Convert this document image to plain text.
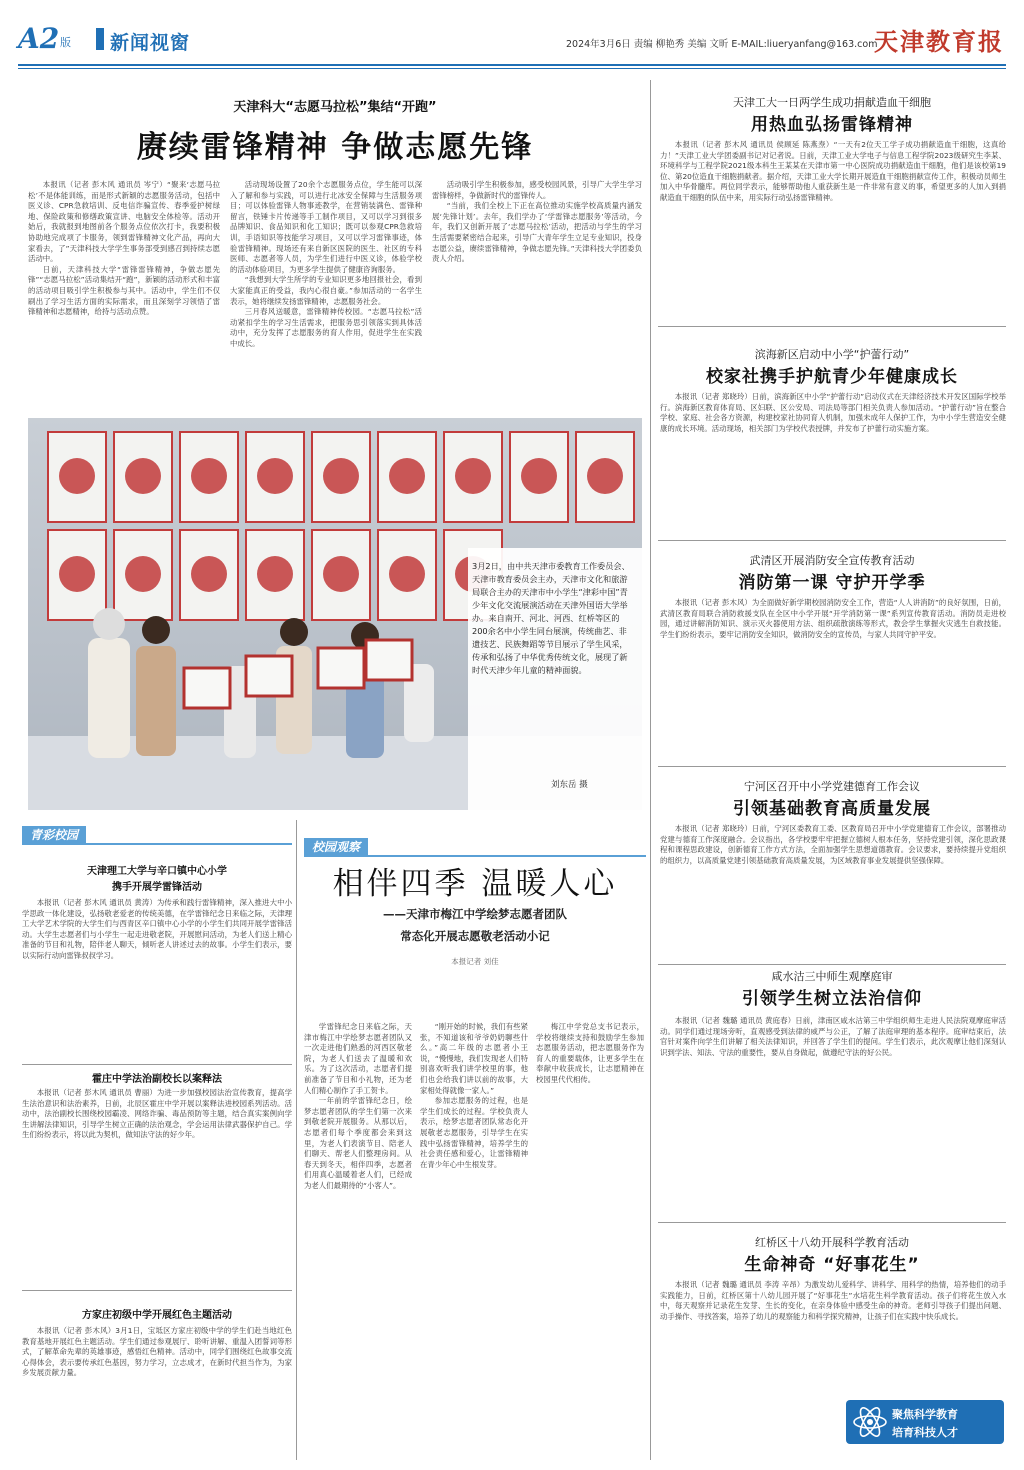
A2 版 新闻视窗	2024年3月6日 责编 柳艳秀 美编 文昕 E-MAIL:liueryanfang@163.com
天津教育报
天津科大“志愿马拉松”集结“开跑”
赓续雷锋精神 争做志愿先锋

本报讯（记者 彭木风 通讯员 岑宁）“聚来‘志愿马拉松’不是体能训练，而是形式新颖的志愿服务活动，包括中医义诊、CPR急救培训、反电信诈骗宣传、春季爱护树绿地、保险政策和修缮政策宣讲、电脑安全体检等。活动开始后，我就报到地图前各个服务点位依次打卡，我要积极协助地完成项了卡服务，领到雷锋精神文化产品，再向大家看去，了”天津科技大学学生事务部受到感召到持续志愿活动中。

日前，天津科技大学“雷锋雷锋精神，争做志愿先锋”“志愿马拉松”活动集结开“跑”，新颖的活动形式和丰富的活动项目吸引学生积极参与其中。活动中，学生们不仅刷出了学习生活方面的实际需求，而且深刻学习领悟了雷锋精神和志愿精神，给持与活动点赞。

活动现场设置了20余个志愿服务点位，学生能可以深入了解和参与实践，可以进行北冰安全保障与生活服务项目；可以体验雷锋人物事迹教学，在营销装满色、雷锋种留言，铁锤卡片传递等手工制作项目，又可以学习到很多品牌知识、食品知识和化工知识；既可以参观CPR急救培训，手语知识等技能学习项目，又可以学习雷锋事迹，体验雷锋精神。现场还有来自新区医院的医生、社区的专科医师、志愿者等人员，为学生们进行中医义诊，体验学校的活动体验项目，为更多学生提供了健康咨询服务。

“我想到大学生所学的专业知识更多地回报社会，看到大家能真正的受益，我内心很自豪。”参加活动的一名学生表示，她将继续发扬雷锋精神，志愿服务社会。

三月春风送暖意，雷锋精神传校园。“志愿马拉松”活动紧扣学生的学习生活需求，把服务思引领落实到具体活动中，充分发挥了志愿服务的育人作用，促进学生在实践中成长。

活动吸引学生积极参加，感受校园风景，引导广大学生学习雷锋榜样，争做新时代的雷锋传人。

“当前，我们全校上下正在高位推动实施学校高质量内涵发展‘先锋计划’。去年，我们学办了‘学雷锋志愿服务’等活动，今年，我们又创新开展了‘志愿马拉松’活动，把活动与学生的学习生活需要紧密结合起来，引导广大青年学生立足专业知识，投身志愿公益，赓续雷锋精神，争做志愿先锋。”天津科技大学团委负责人介绍。

3月2日，由中共天津市委教育工作委员会、天津市教育委员会主办，天津市文化和旅游局联合主办的天津市中小学生“津彩中国”青少年文化交流展演活动在天津外国语大学举办。来自南开、河北、河西、红桥等区的200余名中小学生同台展演，传统曲艺、非遗技艺、民族舞蹈等节目展示了学生风采，传承和弘扬了中华优秀传统文化，展现了新时代天津少年儿童的精神面貌。
刘东岳 摄
青彩校园
天津理工大学与辛口镇中心小学
携手开展学雷锋活动

本报讯（记者 彭木风 通讯员 黄涛）为传承和践行雷锋精神，深入推进大中小学思政一体化建设，弘扬敬老爱老的传统美德，在学雷锋纪念日来临之际，天津理工大学艺术学院的大学生们与西青区辛口镇中心小学的小学生们共同开展学雷锋活动。大学生志愿者们与小学生一起走进敬老院，开展慰问活动，为老人们送上精心准备的节目和礼物，陪伴老人聊天，倾听老人讲述过去的故事。小学生们表示，要以实际行动向雷锋叔叔学习。

霍庄中学法治副校长以案释法

本报讯（记者 彭木风 通讯员 曹丽）为进一步加强校园法治宣传教育，提高学生法治意识和法治素养，日前，北辰区霍庄中学开展以案释法进校园系列活动。活动中，法治副校长围绕校园霸凌、网络诈骗、毒品预防等主题，结合真实案例向学生讲解法律知识，引导学生树立正确的法治观念，学会运用法律武器保护自己。学生们纷纷表示，将以此为契机，做知法守法的好少年。

方家庄初级中学开展红色主题活动

本报讯（记者 彭木风）3月1日，宝坻区方家庄初级中学的学生们赴当地红色教育基地开展红色主题活动。学生们通过参观展厅、聆听讲解、重温入团誓词等形式，了解革命先辈的英雄事迹，感悟红色精神。活动中，同学们围绕红色故事交流心得体会，表示要传承红色基因，努力学习，立志成才，在新时代担当作为，为家乡发展贡献力量。

校园观察
相伴四季 温暖人心
——天津市梅江中学绘梦志愿者团队
常态化开展志愿敬老活动小记
本报记者 刘佳

学雷锋纪念日来临之际，天津市梅江中学绘梦志愿者团队又一次走进他们熟悉的河西区敬老院，为老人们送去了温暖和欢乐。为了这次活动，志愿者们提前准备了节目和小礼物，还为老人们精心制作了手工贺卡。

一年前的学雷锋纪念日，绘梦志愿者团队的学生们第一次来到敬老院开展服务。从那以后，志愿者们每个季度都会来到这里，为老人们表演节目、陪老人们聊天、帮老人们整理房间。从春天到冬天，相伴四季，志愿者们用真心温暖着老人们，已经成为老人们最期待的“小客人”。

“刚开始的时候，我们有些紧张，不知道该和爷爷奶奶聊些什么。”高二年级的志愿者小王说，“慢慢地，我们发现老人们特别喜欢听我们讲学校里的事，他们也会给我们讲以前的故事，大家相处得就像一家人。”

参加志愿服务的过程，也是学生们成长的过程。学校负责人表示，绘梦志愿者团队常态化开展敬老志愿服务，引导学生在实践中弘扬雷锋精神，培养学生的社会责任感和爱心，让雷锋精神在青少年心中生根发芽。

梅江中学党总支书记表示，学校将继续支持和鼓励学生参加志愿服务活动，把志愿服务作为育人的重要载体，让更多学生在奉献中收获成长，让志愿精神在校园里代代相传。

天津工大一日两学生成功捐献造血干细胞
用热血弘扬雷锋精神

本报讯（记者 彭木风 通讯员 侯顾延 陈燕焘）“一天有2位天工学子成功捐献造血干细胞，这真给力！”天津工业大学团委副书记对记者说。日前，天津工业大学电子与信息工程学院2023级研究生李某、环境科学与工程学院2021级本科生王某某在天津市第一中心医院成功捐献造血干细胞，他们是该校第19位、第20位造血干细胞捐献者。据介绍，天津工业大学长期开展造血干细胞捐献宣传工作，积极动员师生加入中华骨髓库。两位同学表示，能够帮助他人重获新生是一件非常有意义的事，希望更多的人加入到捐献造血干细胞的队伍中来，用实际行动弘扬雷锋精神。

滨海新区启动中小学“护蕾行动”
校家社携手护航青少年健康成长

本报讯（记者 郑晓玲）日前，滨海新区中小学“护蕾行动”启动仪式在天津经济技术开发区国际学校举行。滨海新区教育体育局、区妇联、区公安局、司法局等部门相关负责人参加活动。“护蕾行动”旨在整合学校、家庭、社会各方资源，构建校家社协同育人机制，加强未成年人保护工作，为中小学生营造安全健康的成长环境。活动现场，相关部门为学校代表授牌，并发布了护蕾行动实施方案。

武清区开展消防安全宣传教育活动
消防第一课 守护开学季

本报讯（记者 彭木风）为全面做好新学期校园消防安全工作，营造“人人讲消防”的良好氛围，日前，武清区教育局联合消防救援支队在全区中小学开展“开学消防第一课”系列宣传教育活动。消防员走进校园，通过讲解消防知识、演示灭火器使用方法、组织疏散演练等形式，教会学生掌握火灾逃生自救技能。学生们纷纷表示，要牢记消防安全知识，做消防安全的宣传员，与家人共同守护平安。

宁河区召开中小学党建德育工作会议
引领基础教育高质量发展

本报讯（记者 郑晓玲）日前，宁河区委教育工委、区教育局召开中小学党建德育工作会议，部署推动党建与德育工作深度融合。会议指出，各学校要牢牢把握立德树人根本任务，坚持党建引领，深化思政课程和课程思政建设，创新德育工作方式方法，全面加强学生思想道德教育。会议要求，要持续提升党组织的组织力，以高质量党建引领基础教育高质量发展，为区域教育事业发展提供坚强保障。

咸水沽三中师生观摩庭审
引领学生树立法治信仰

本报讯（记者 魏璐 通讯员 黄庭春）日前，津南区咸水沽第三中学组织师生走进人民法院观摩庭审活动。同学们通过现场旁听，直观感受到法律的威严与公正，了解了法庭审理的基本程序。庭审结束后，法官针对案件向学生们讲解了相关法律知识，并回答了学生们的提问。学生们表示，此次观摩让他们深刻认识到学法、知法、守法的重要性，要从自身做起，做遵纪守法的好公民。

红桥区十八幼开展科学教育活动
生命神奇 “好事花生”

本报讯（记者 魏璐 通讯员 李涛 辛昂）为激发幼儿爱科学、讲科学、用科学的热情，培养他们的动手实践能力，日前，红桥区第十八幼儿园开展了“好事花生”水培花生科学教育活动。孩子们将花生放入水中，每天观察并记录花生发芽、生长的变化，在亲身体验中感受生命的神奇。老师引导孩子们提出问题、动手操作、寻找答案，培养了幼儿的观察能力和科学探究精神，让孩子们在实践中快乐成长。

聚焦科学教育
培育科技人才
